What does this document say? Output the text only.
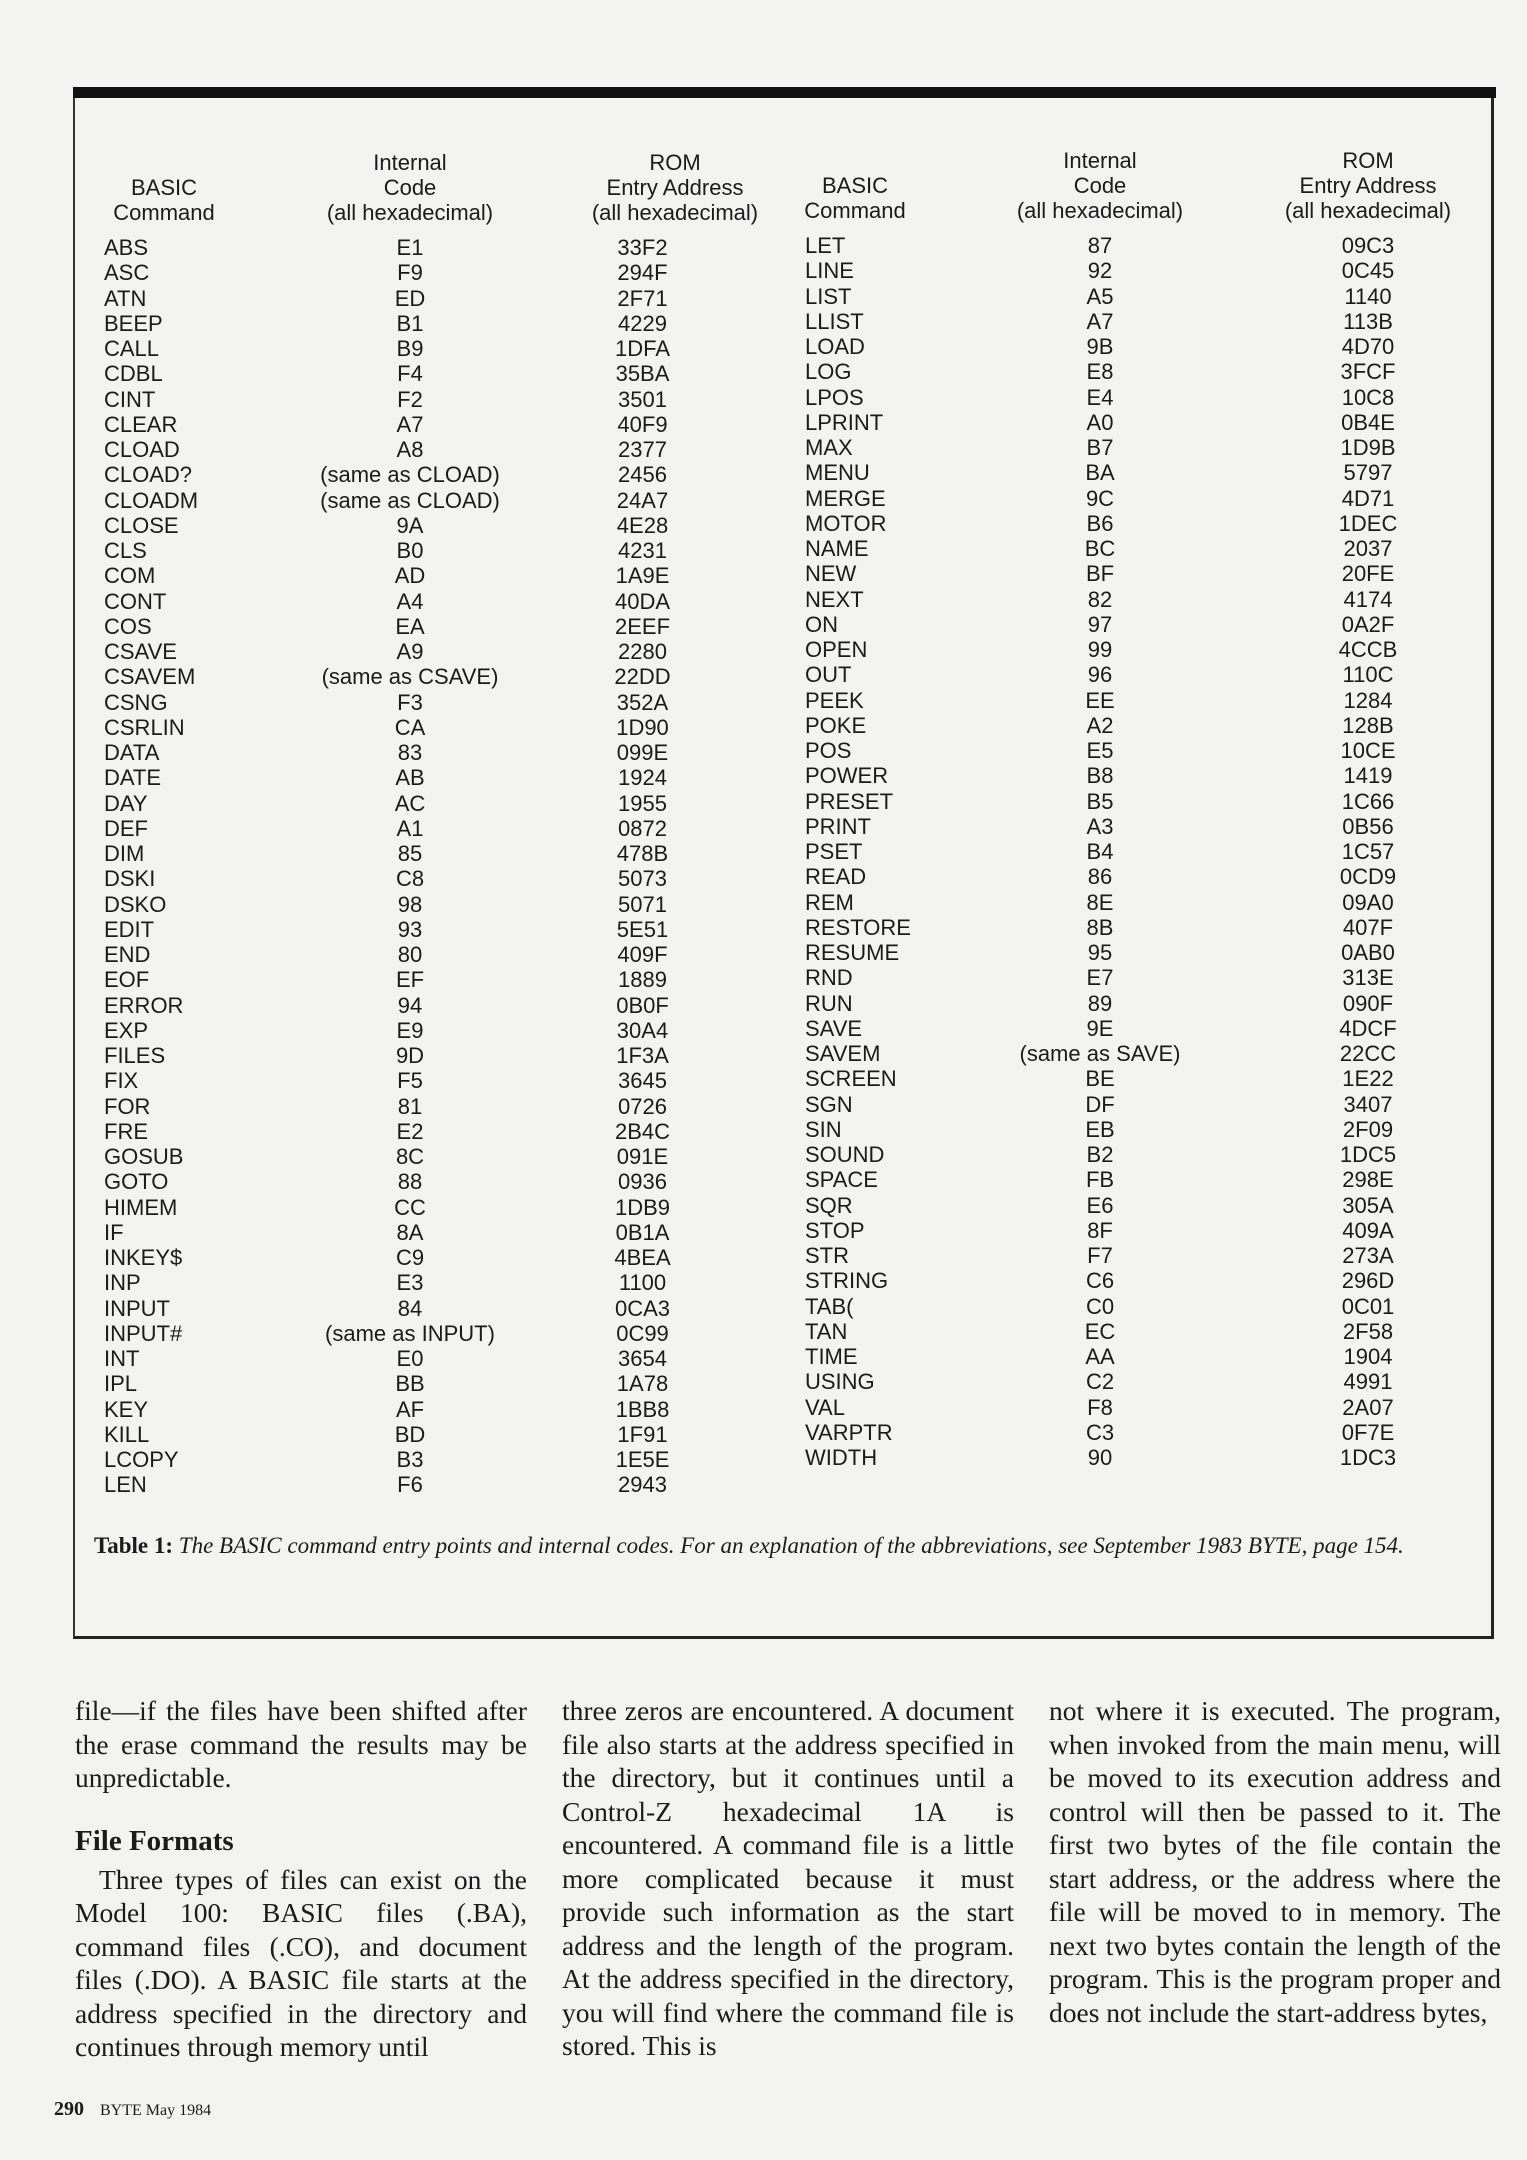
BASIC
Command
ABS
ASC
ATN
BEEP
CALL
CDBL
CINT
CLEAR
CLOAD
CLOAD?
CLOADM
CLOSE
CLS
COM
CONT
COS
CSAVE
CSAVEM
CSNG
CSRLIN
DATA
DATE
DAY
DEF
DIM
DSKI
DSKO
EDIT
END
EOF
ERROR
EXP
FILES
FIX
FOR
FRE
GOSUB
GOTO
HIMEM
IF
INKEY$
INP
INPUT
INPUT#
INT
IPL
KEY
KILL
LCOPY
LEN
Internal
Code
(all hexadecimal)
E1
F9
ED
B1
B9
F4
F2
A7
A8
(same as CLOAD)
(same as CLOAD)
9A
B0
AD
A4
EA
A9
(same as CSAVE)
F3
CA
83
AB
AC
A1
85
C8
98
93
80
EF
94
E9
9D
F5
81
E2
8C
88
CC
8A
C9
E3
84
(same as INPUT)
E0
BB
AF
BD
B3
F6
ROM
Entry Address
(all hexadecimal)
33F2
294F
2F71
4229
1DFA
35BA
3501
40F9
2377
2456
24A7
4E28
4231
1A9E
40DA
2EEF
2280
22DD
352A
1D90
099E
1924
1955
0872
478B
5073
5071
5E51
409F
1889
0B0F
30A4
1F3A
3645
0726
2B4C
091E
0936
1DB9
0B1A
4BEA
1100
0CA3
0C99
3654
1A78
1BB8
1F91
1E5E
2943
BASIC
Command
LET
LINE
LIST
LLIST
LOAD
LOG
LPOS
LPRINT
MAX
MENU
MERGE
MOTOR
NAME
NEW
NEXT
ON
OPEN
OUT
PEEK
POKE
POS
POWER
PRESET
PRINT
PSET
READ
REM
RESTORE
RESUME
RND
RUN
SAVE
SAVEM
SCREEN
SGN
SIN
SOUND
SPACE
SQR
STOP
STR
STRING
TAB(
TAN
TIME
USING
VAL
VARPTR
WIDTH
Internal
Code
(all hexadecimal)
87
92
A5
A7
9B
E8
E4
A0
B7
BA
9C
B6
BC
BF
82
97
99
96
EE
A2
E5
B8
B5
A3
B4
86
8E
8B
95
E7
89
9E
(same as SAVE)
BE
DF
EB
B2
FB
E6
8F
F7
C6
C0
EC
AA
C2
F8
C3
90
ROM
Entry Address
(all hexadecimal)
09C3
0C45
1140
113B
4D70
3FCF
10C8
0B4E
1D9B
5797
4D71
1DEC
2037
20FE
4174
0A2F
4CCB
110C
1284
128B
10CE
1419
1C66
0B56
1C57
0CD9
09A0
407F
0AB0
313E
090F
4DCF
22CC
1E22
3407
2F09
1DC5
298E
305A
409A
273A
296D
0C01
2F58
1904
4991
2A07
0F7E
1DC3
Table 1: The BASIC command entry points and internal codes. For an explanation of the abbreviations, see September 1983 BYTE, page 154.

file—if the files have been shifted after the erase command the results may be unpredictable.

File Formats

Three types of files can exist on the Model 100: BASIC files (.BA), command files (.CO), and document files (.DO). A BASIC file starts at the address specified in the directory and continues through memory until

three zeros are encountered. A document file also starts at the address specified in the directory, but it continues until a Control-Z hexadecimal 1A is encountered. A command file is a little more complicated because it must provide such information as the start address and the length of the program. At the address specified in the directory, you will find where the command file is stored. This is

not where it is executed. The program, when invoked from the main menu, will be moved to its execution address and control will then be passed to it. The first two bytes of the file contain the start address, or the address where the file will be moved to in memory. The next two bytes contain the length of the program. This is the program proper and does not include the start-address bytes,

290 BYTE May 1984
